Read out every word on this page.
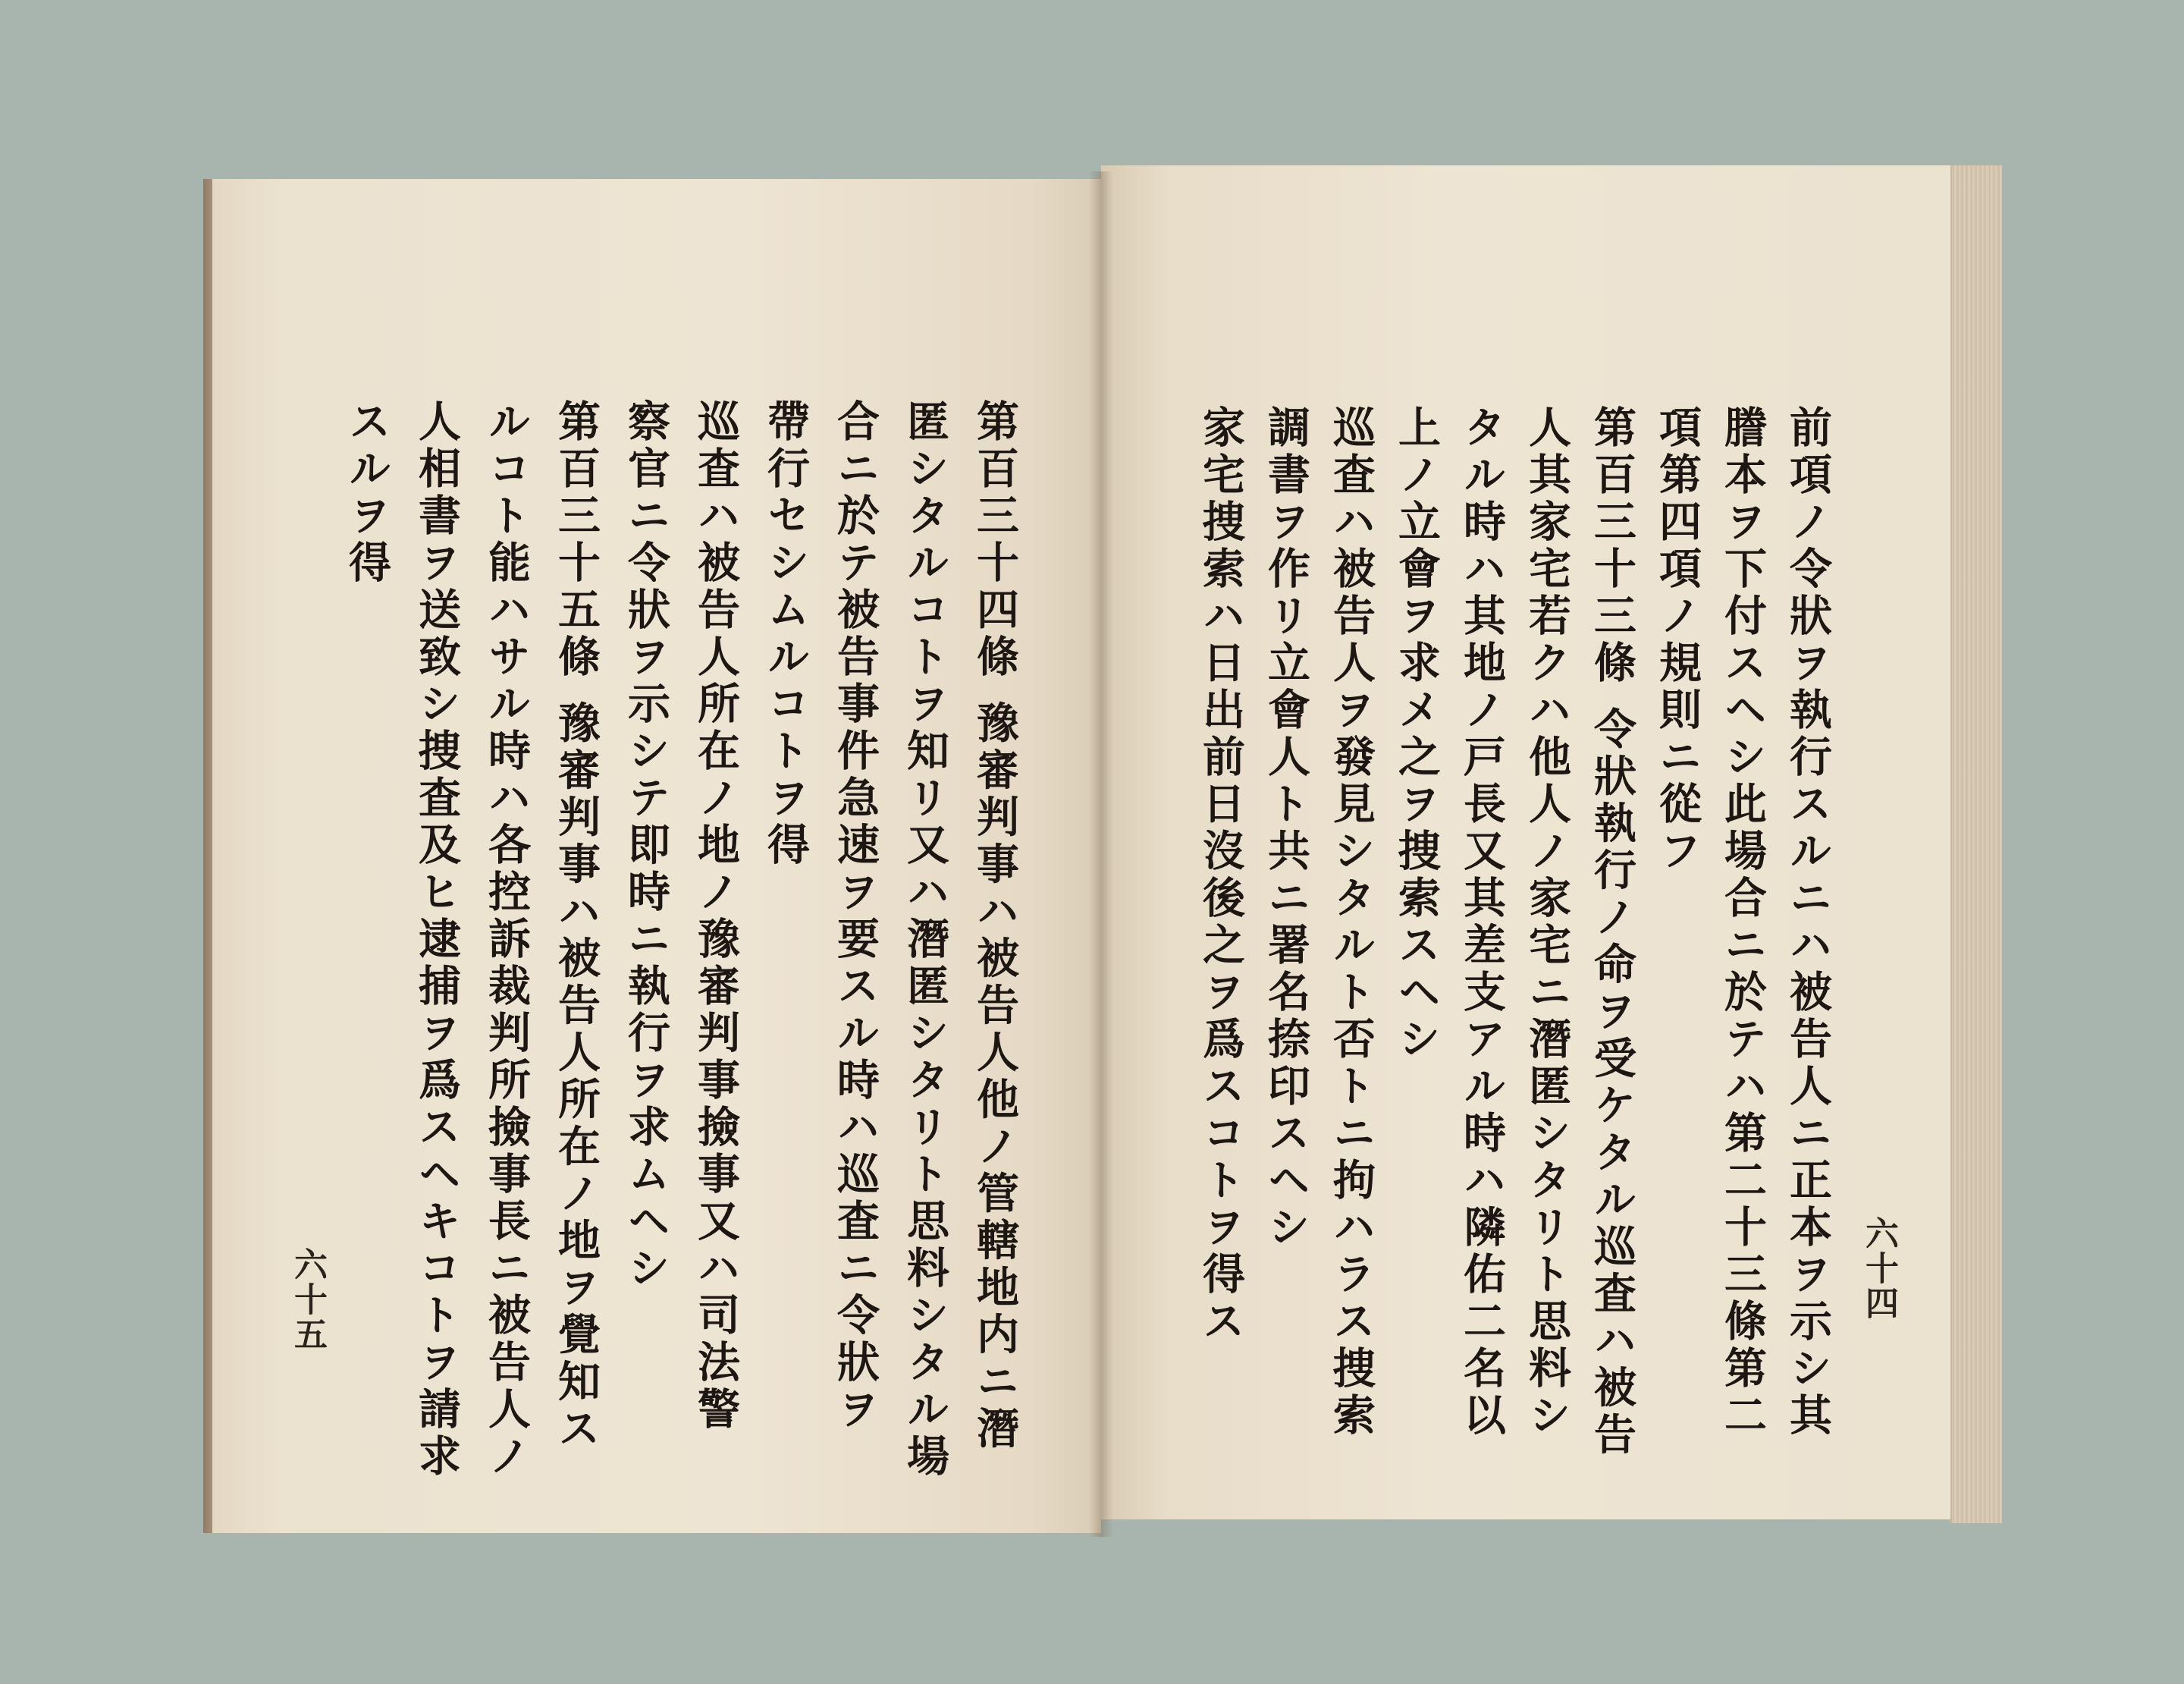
第百三十四條 豫審判事ハ被告人他ノ管轄地内ニ潛
匿シタルコトヲ知リ又ハ潛匿シタリト思料シタル場
合ニ於テ被告事件急速ヲ要スル時ハ巡査ニ令狀ヲ
帶行セシムルコトヲ得
巡査ハ被告人所在ノ地ノ豫審判事撿事又ハ司法警
察官ニ令狀ヲ示シテ即時ニ執行ヲ求ムヘシ
第百三十五條 豫審判事ハ被告人所在ノ地ヲ覺知ス
ルコト能ハサル時ハ各控訴裁判所撿事長ニ被告人ノ
人相書ヲ送致シ捜査及ヒ逮捕ヲ爲スヘキコトヲ請求
スルヲ得
六十五	前項ノ令狀ヲ執行スルニハ被告人ニ正本ヲ示シ其
謄本ヲ下付スヘシ此場合ニ於テハ第二十三條第二
項第四項ノ規則ニ從フ
第百三十三條 令狀執行ノ命ヲ受ケタル巡査ハ被告
人其家宅若クハ他人ノ家宅ニ潛匿シタリト思料シ
タル時ハ其地ノ戸長又其差支アル時ハ隣佑二名以
上ノ立會ヲ求メ之ヲ捜索スヘシ
巡査ハ被告人ヲ發見シタルト否トニ拘ハラス捜索
調書ヲ作リ立會人ト共ニ署名捺印スヘシ
家宅捜索ハ日出前日沒後之ヲ爲スコトヲ得ス	六十四
